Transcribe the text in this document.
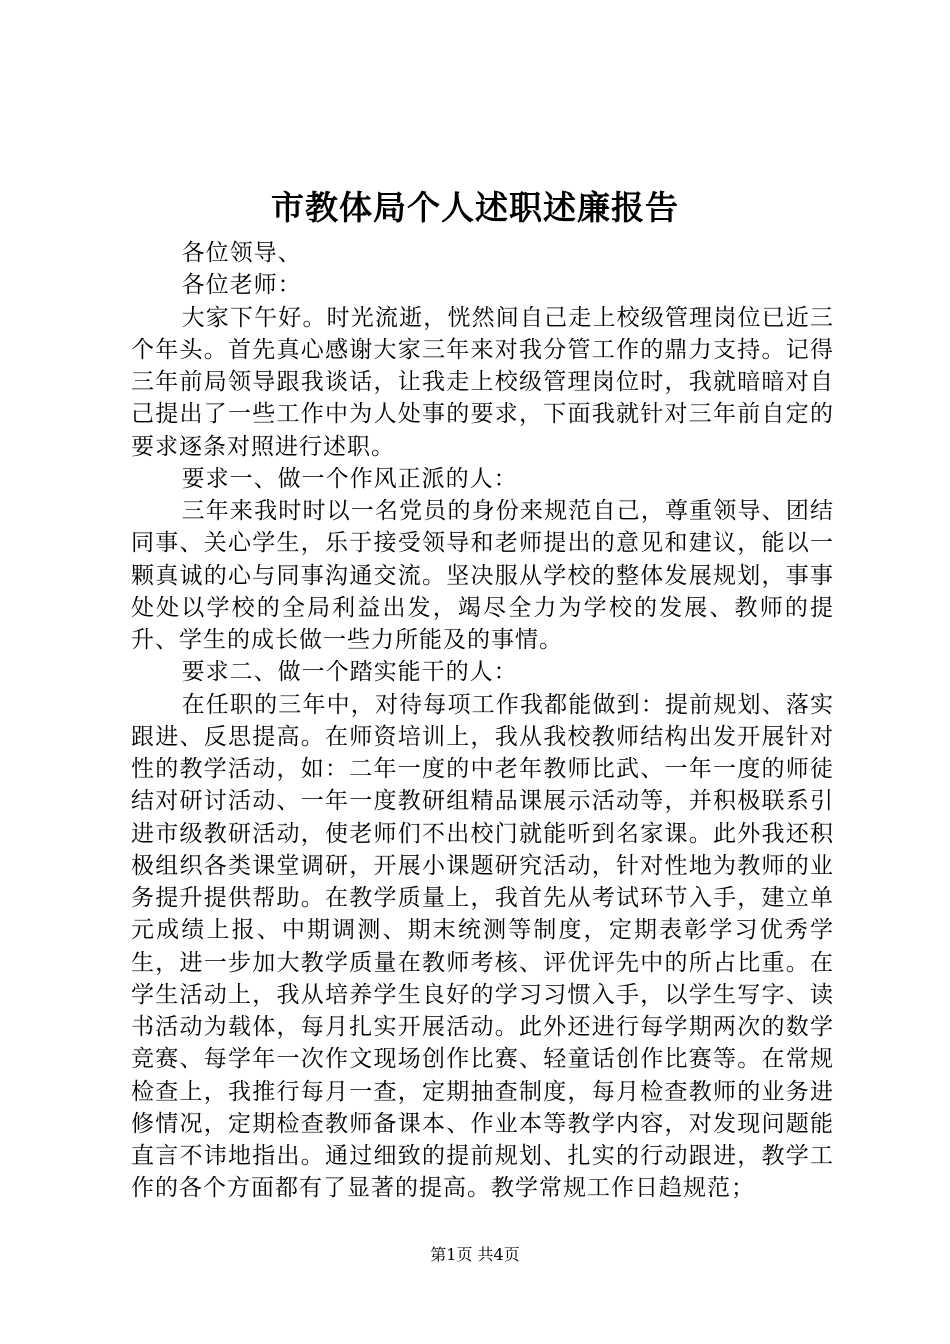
市教体局个人述职述廉报告

各位领导、

各位老师：

大家下午好。时光流逝，恍然间自己走上校级管理岗位已近三个年头。首先真心感谢大家三年来对我分管工作的鼎力支持。记得三年前局领导跟我谈话，让我走上校级管理岗位时，我就暗暗对自己提出了一些工作中为人处事的要求，下面我就针对三年前自定的要求逐条对照进行述职。

要求一、做一个作风正派的人：

三年来我时时以一名党员的身份来规范自己，尊重领导、团结同事、关心学生，乐于接受领导和老师提出的意见和建议，能以一颗真诚的心与同事沟通交流。坚决服从学校的整体发展规划，事事处处以学校的全局利益出发，竭尽全力为学校的发展、教师的提升、学生的成长做一些力所能及的事情。

要求二、做一个踏实能干的人：

在任职的三年中，对待每项工作我都能做到：提前规划、落实跟进、反思提高。在师资培训上，我从我校教师结构出发开展针对性的教学活动，如：二年一度的中老年教师比武、一年一度的师徒结对研讨活动、一年一度教研组精品课展示活动等，并积极联系引进市级教研活动，使老师们不出校门就能听到名家课。此外我还积极组织各类课堂调研，开展小课题研究活动，针对性地为教师的业务提升提供帮助。在教学质量上，我首先从考试环节入手，建立单元成绩上报、中期调测、期末统测等制度，定期表彰学习优秀学生，进一步加大教学质量在教师考核、评优评先中的所占比重。在学生活动上，我从培养学生良好的学习习惯入手，以学生写字、读书活动为载体，每月扎实开展活动。此外还进行每学期两次的数学竞赛、每学年一次作文现场创作比赛、轻童话创作比赛等。在常规检查上，我推行每月一查，定期抽查制度，每月检查教师的业务进修情况，定期检查教师备课本、作业本等教学内容，对发现问题能直言不讳地指出。通过细致的提前规划、扎实的行动跟进，教学工作的各个方面都有了显著的提高。教学常规工作日趋规范；

第1页 共4页
